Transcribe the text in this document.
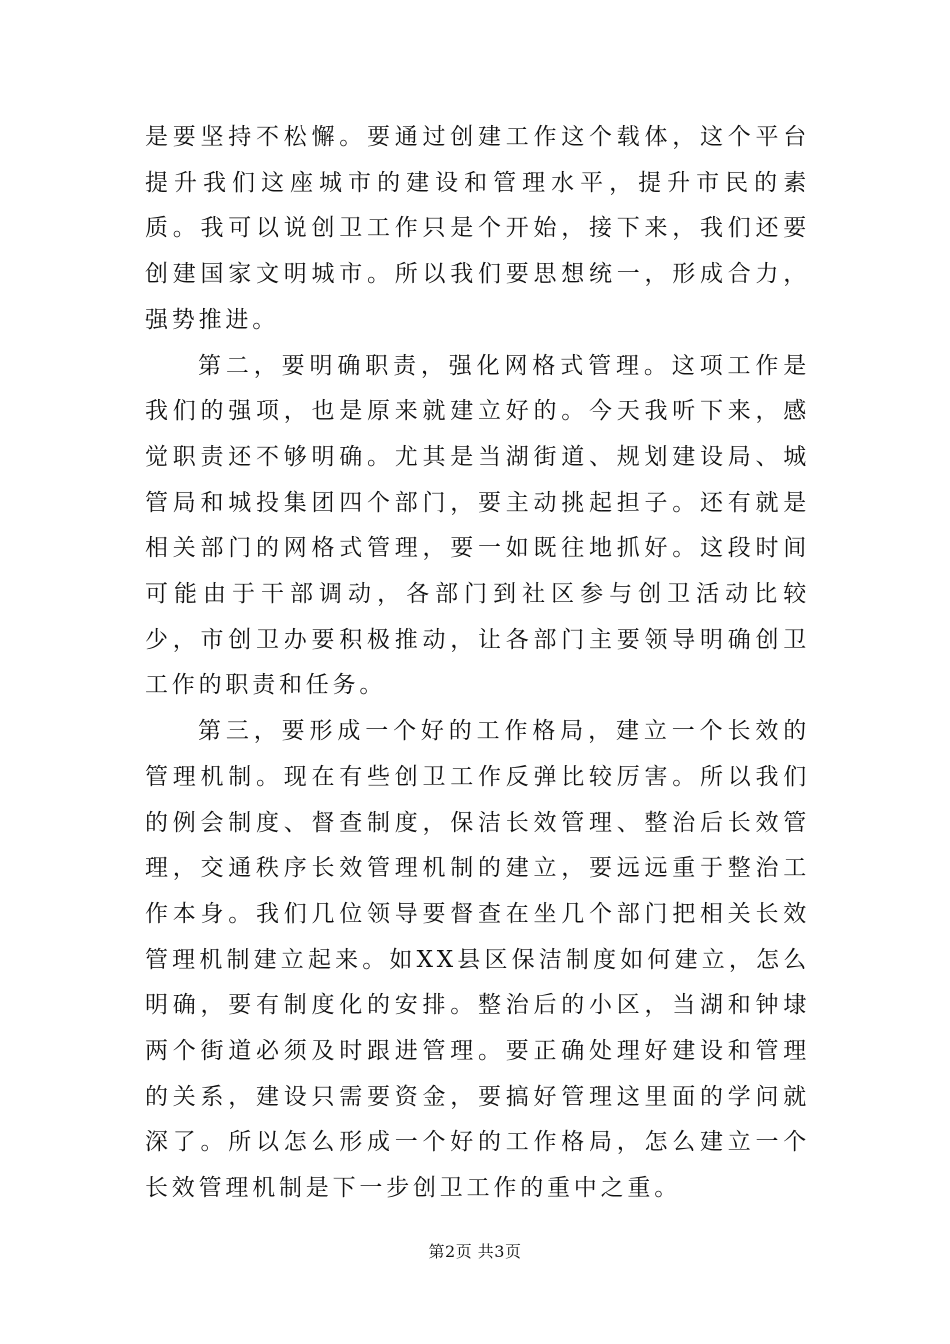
是要坚持不松懈。要通过创建工作这个载体，这个平台提升我们这座城市的建设和管理水平，提升市民的素质。我可以说创卫工作只是个开始，接下来，我们还要创建国家文明城市。所以我们要思想统一，形成合力，强势推进。

第二，要明确职责，强化网格式管理。这项工作是我们的强项，也是原来就建立好的。今天我听下来，感觉职责还不够明确。尤其是当湖街道、规划建设局、城管局和城投集团四个部门，要主动挑起担子。还有就是相关部门的网格式管理，要一如既往地抓好。这段时间可能由于干部调动，各部门到社区参与创卫活动比较少，市创卫办要积极推动，让各部门主要领导明确创卫工作的职责和任务。

第三，要形成一个好的工作格局，建立一个长效的管理机制。现在有些创卫工作反弹比较厉害。所以我们的例会制度、督查制度，保洁长效管理、整治后长效管理，交通秩序长效管理机制的建立，要远远重于整治工作本身。我们几位领导要督查在坐几个部门把相关长效管理机制建立起来。如XX县区保洁制度如何建立，怎么明确，要有制度化的安排。整治后的小区，当湖和钟埭两个街道必须及时跟进管理。要正确处理好建设和管理的关系，建设只需要资金，要搞好管理这里面的学问就深了。所以怎么形成一个好的工作格局，怎么建立一个长效管理机制是下一步创卫工作的重中之重。

第2页 共3页
